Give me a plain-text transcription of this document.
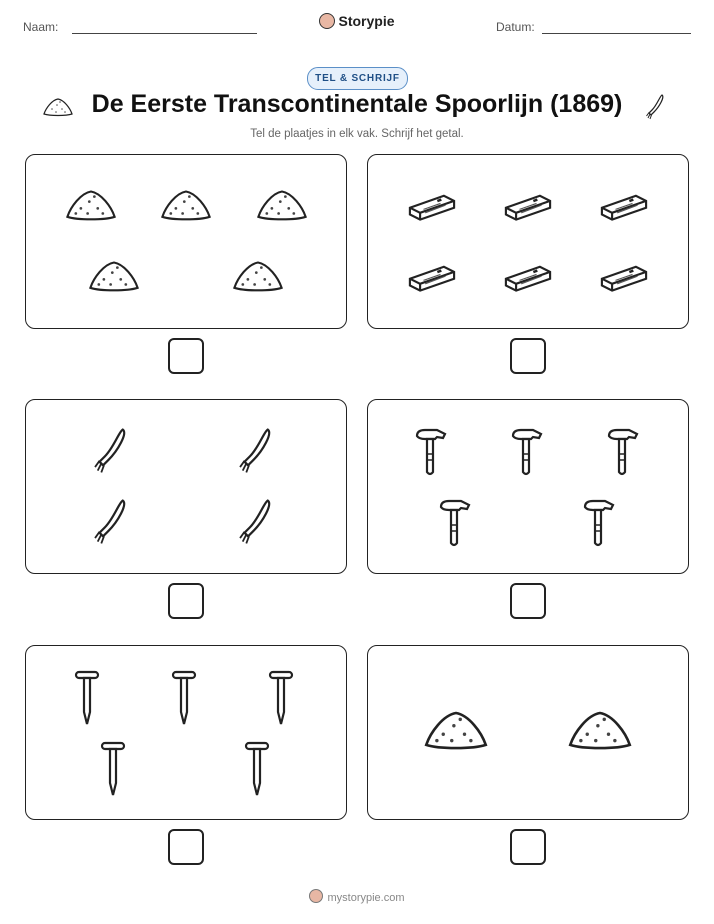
Naam:	Storypie	Datum:
TEL & SCHRIJF
De Eerste Transcontinentale Spoorlijn (1869)
Tel de plaatjes in elk vak. Schrijf het getal.
mystorypie.com
